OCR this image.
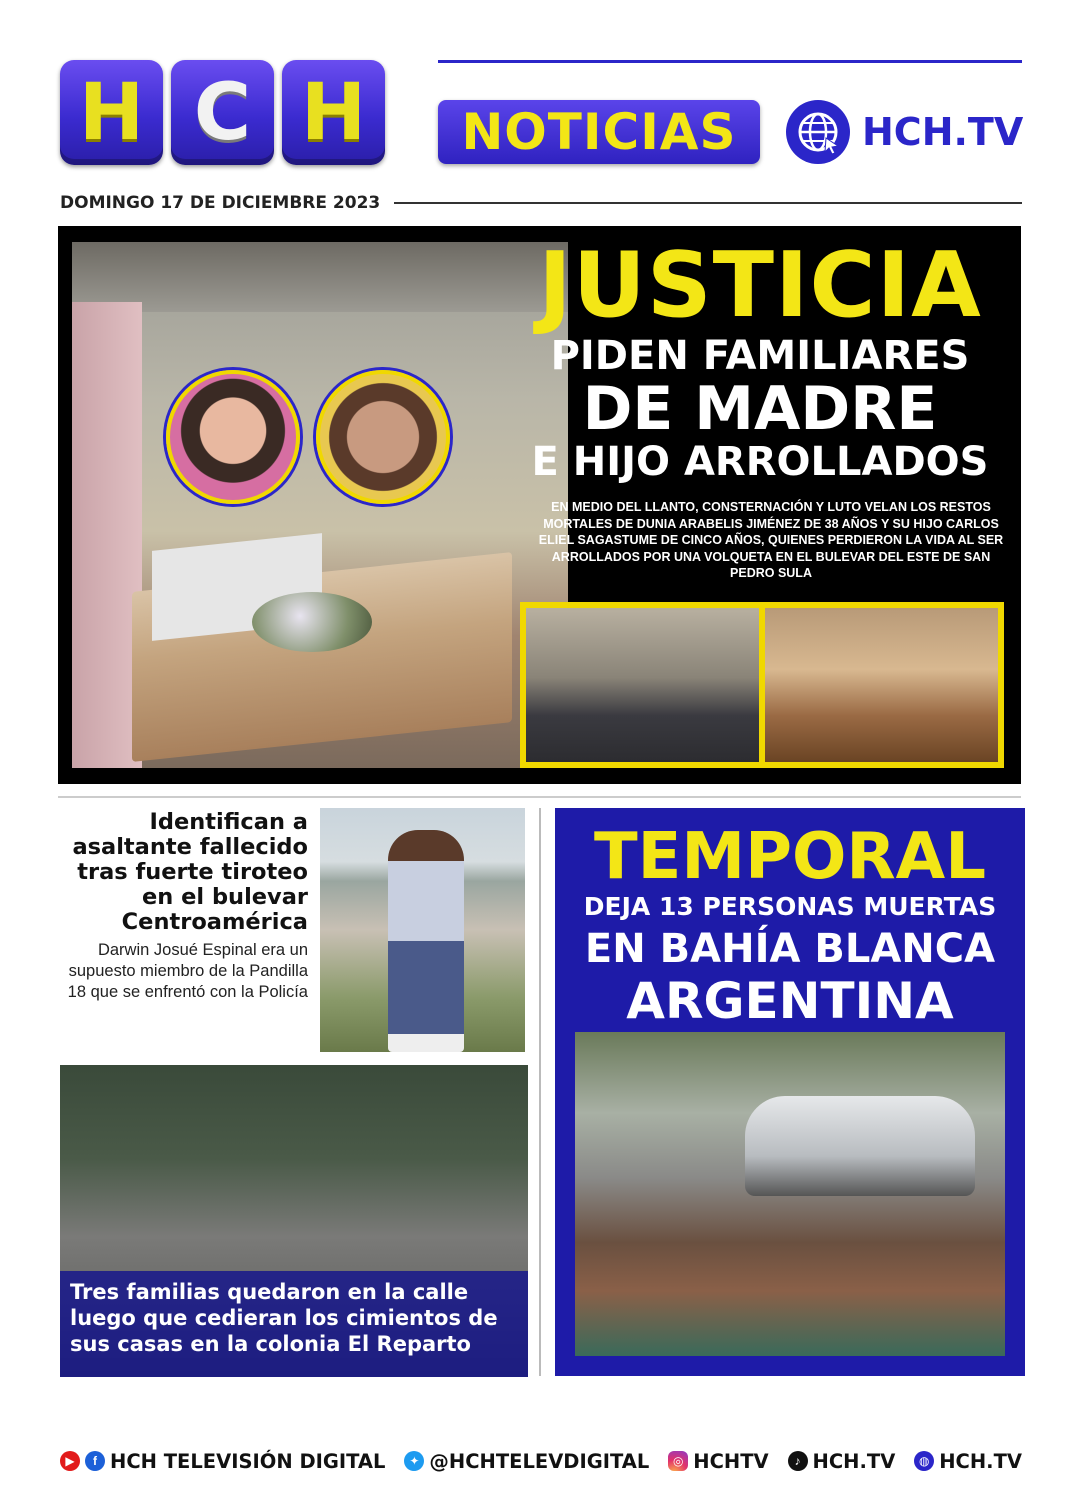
H C H NOTICIAS	HCH.TV
DOMINGO 17 DE DICIEMBRE 2023
JUSTICIA
PIDEN FAMILIARES
DE MADRE
E HIJO ARROLLADOS
EN MEDIO DEL LLANTO, CONSTERNACIÓN Y LUTO VELAN LOS RESTOS MORTALES DE DUNIA ARABELIS JIMÉNEZ DE 38 AÑOS Y SU HIJO CARLOS ELIEL SAGASTUME DE CINCO AÑOS, QUIENES PERDIERON LA VIDA AL SER ARROLLADOS POR UNA VOLQUETA EN EL BULEVAR DEL ESTE DE SAN PEDRO SULA
Identifican a asaltante fallecido tras fuerte tiroteo en el bulevar Centroamérica
Darwin Josué Espinal era un supuesto miembro de la Pandilla 18 que se enfrentó con la Policía
Tres familias quedaron en la calle luego que cedieran los cimientos de sus casas en la colonia El Reparto
TEMPORAL
DEJA 13 PERSONAS MUERTAS
EN BAHÍA BLANCA
ARGENTINA
▶	f HCH TELEVISIÓN DIGITAL	✦ @HCHTELEVDIGITAL	◎ HCHTV	♪ HCH.TV	◍ HCH.TV
